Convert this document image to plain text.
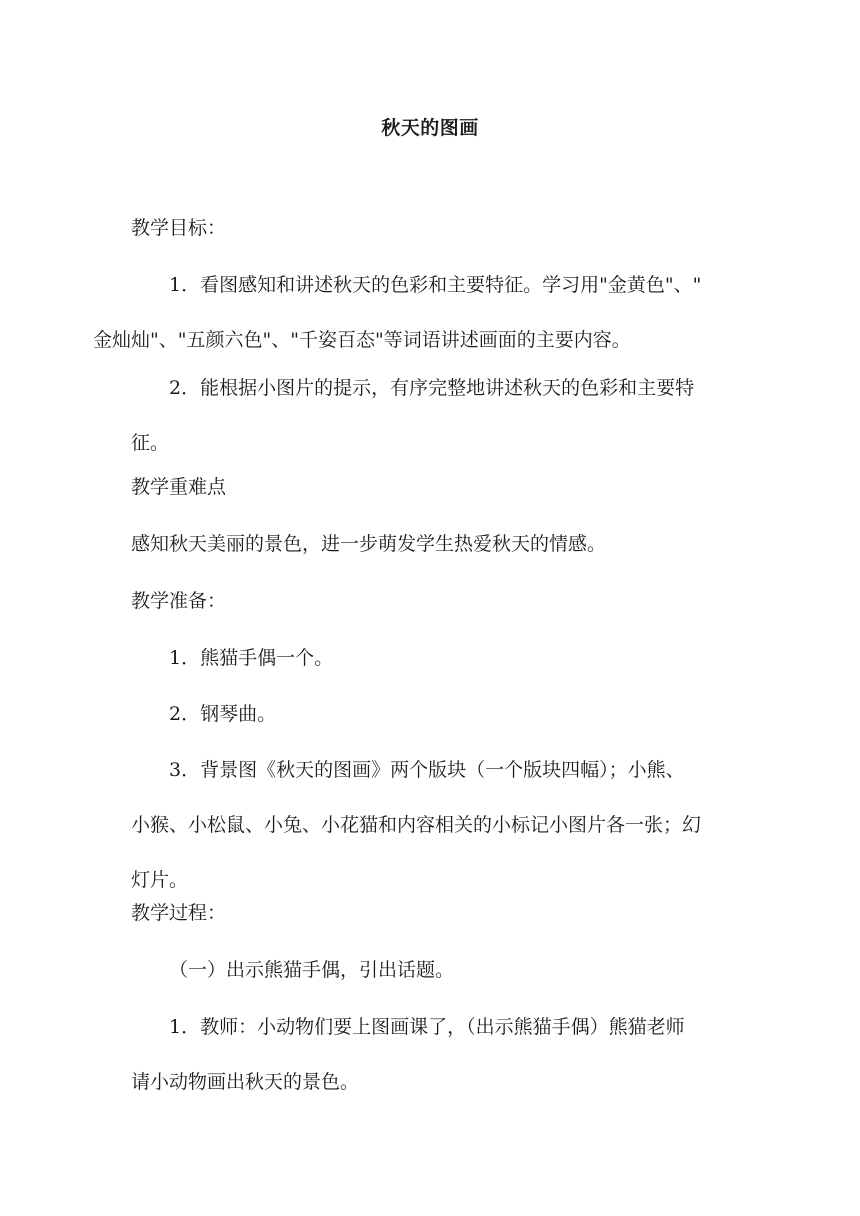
秋天的图画
教学目标：
1．看图感知和讲述秋天的色彩和主要特征。学习用"金黄色"、"
金灿灿"、"五颜六色"、"千姿百态"等词语讲述画面的主要内容。
2．能根据小图片的提示，有序完整地讲述秋天的色彩和主要特
征。
教学重难点
感知秋天美丽的景色，进一步萌发学生热爱秋天的情感。
教学准备：
1．熊猫手偶一个。
2．钢琴曲。
3．背景图《秋天的图画》两个版块（一个版块四幅）；小熊、
小猴、小松鼠、小兔、小花猫和内容相关的小标记小图片各一张；幻
灯片。
教学过程：
（一）出示熊猫手偶，引出话题。
1．教师：小动物们要上图画课了，（出示熊猫手偶）熊猫老师
请小动物画出秋天的景色。
